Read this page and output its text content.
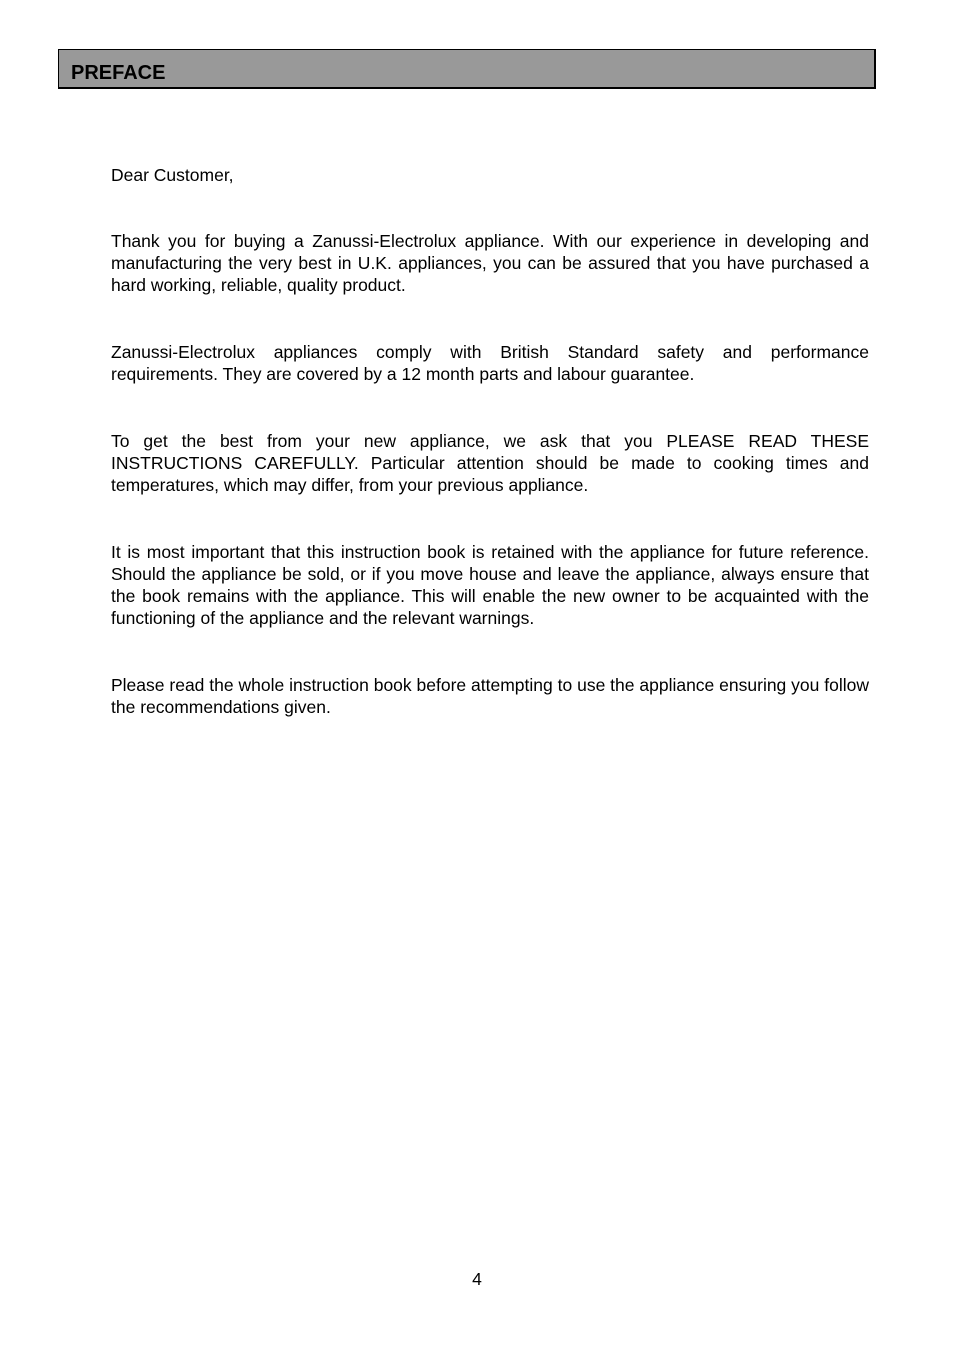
PREFACE

Dear Customer,

Thank you for buying a Zanussi-Electrolux appliance. With our experience in developing and manufacturing the very best in U.K. appliances, you can be assured that you have purchased a hard working, reliable, quality product.

Zanussi-Electrolux appliances comply with British Standard safety and performance requirements. They are covered by a 12 month parts and labour guarantee.

To get the best from your new appliance, we ask that you PLEASE READ THESE INSTRUCTIONS CAREFULLY. Particular attention should be made to cooking times and temperatures, which may differ, from your previous appliance.

It is most important that this instruction book is retained with the appliance for future reference. Should the appliance be sold, or if you move house and leave the appliance, always ensure that the book remains with the appliance. This will enable the new owner to be acquainted with the functioning of the appliance and the relevant warnings.

Please read the whole instruction book before attempting to use the appliance ensuring you follow the recommendations given.

4
